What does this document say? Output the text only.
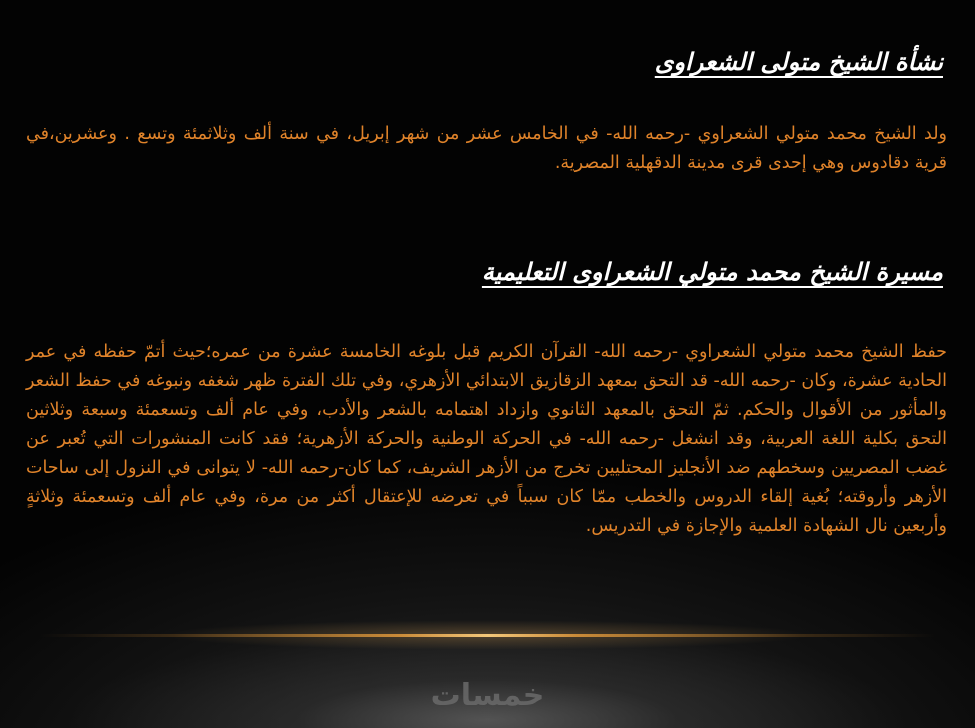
نشأة الشيخ متولى الشعراوى

ولد الشيخ محمد متولي الشعراوي -رحمه الله- في الخامس عشر من شهر إبريل، في سنة ألف وثلاثمئة وتسع . وعشرين،في قرية دقادوس وهي إحدى قرى مدينة الدقهلية المصرية.

مسيرة الشيخ محمد متولي الشعراوى التعليمية

حفظ الشيخ محمد متولي الشعراوي -رحمه الله- القرآن الكريم قبل بلوغه الخامسة عشرة من عمره؛حيث أتمّ حفظه في عمر الحادية عشرة، وكان -رحمه الله- قد التحق بمعهد الزقازيق الابتدائي الأزهري، وفي تلك الفترة ظهر شغفه ونبوغه في حفظ الشعر والمأثور من الأقوال والحكم. ثمّ التحق بالمعهد الثانوي وازداد اهتمامه بالشعر والأدب، وفي عام ألف وتسعمئة وسبعة وثلاثين التحق بكلية اللغة العربية، وقد انشغل -رحمه الله- في الحركة الوطنية والحركة الأزهرية؛ فقد كانت المنشورات التي تُعبر عن غضب المصريين وسخطهم ضد الأنجليز المحتليين تخرج من الأزهر الشريف، كما كان-رحمه الله- لا يتوانى في النزول إلى ساحات الأزهر وأروقته؛ بُغية إلقاء الدروس والخطب ممّا كان سبباً في تعرضه للإعتقال أكثر من مرة، وفي عام ألف وتسعمئة وثلاثةٍ وأربعين نال الشهادة العلمية والإجازة في التدريس.

خمسات
